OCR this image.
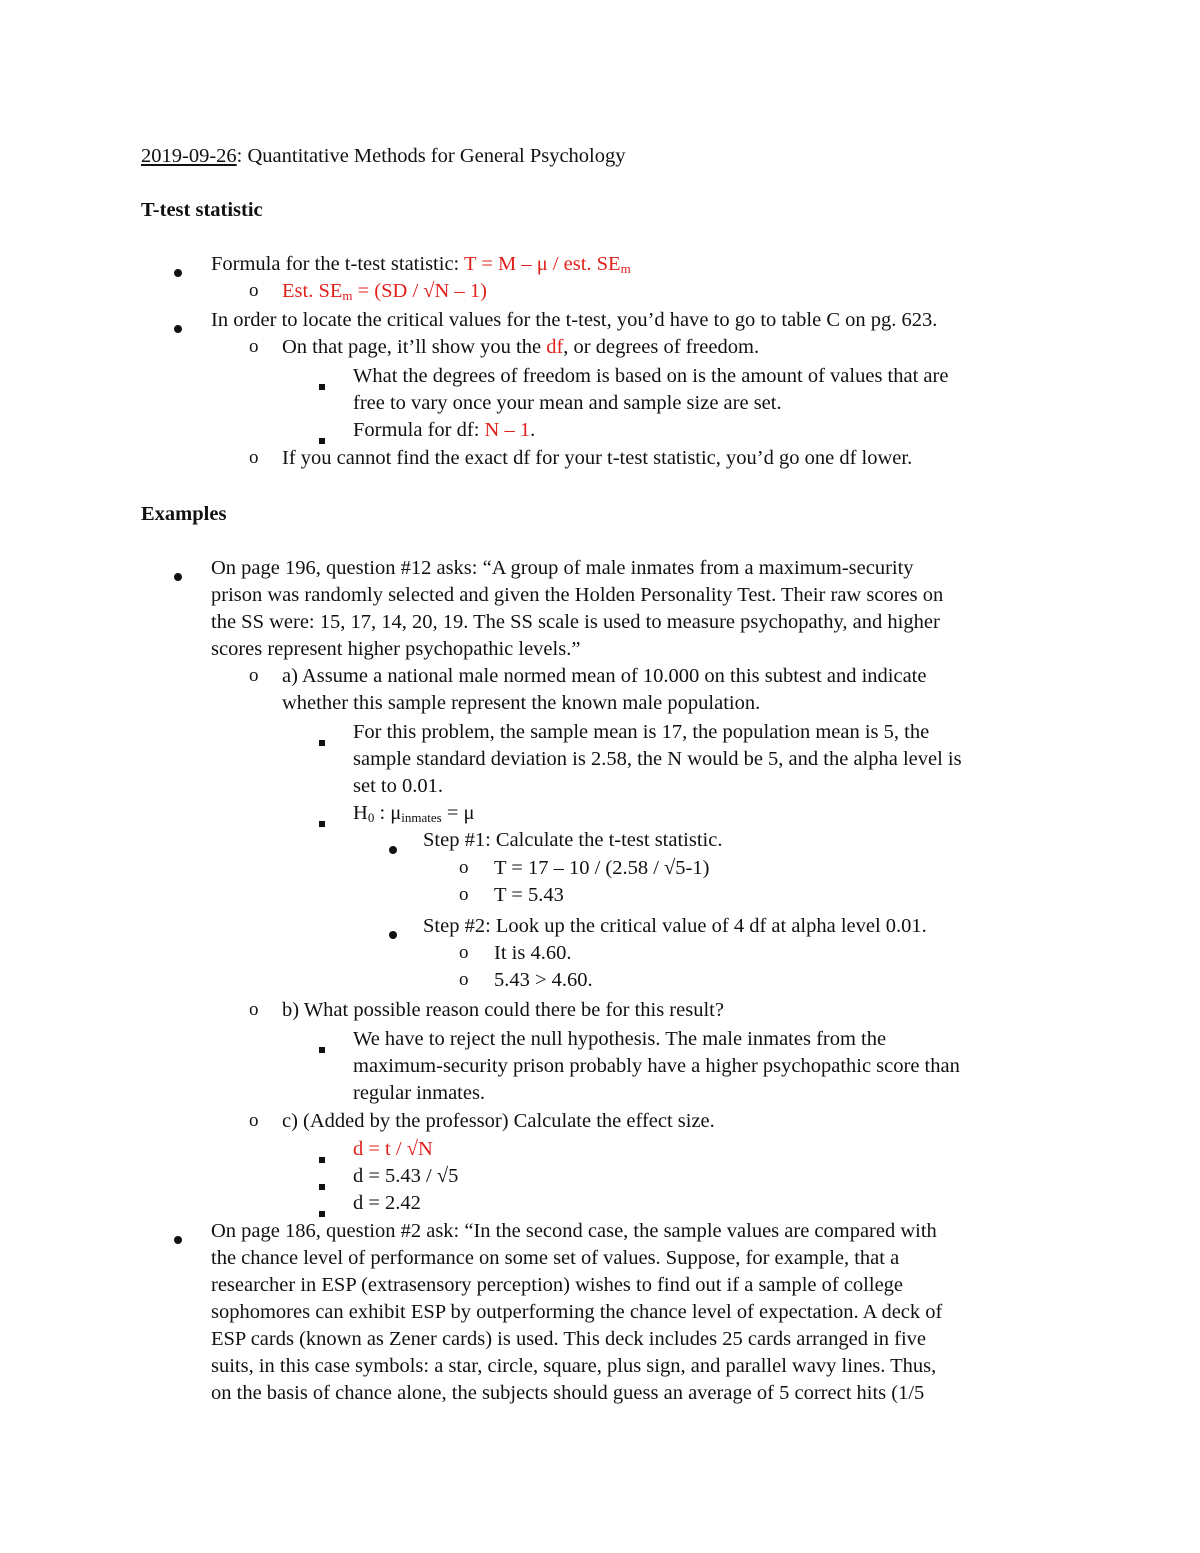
2019-09-26: Quantitative Methods for General Psychology
T-test statistic
Formula for the t-test statistic: T = M – μ / est. $SE_m$
o Est. $SE_m = (SD / √N - 1)$
In order to locate the critical values for the t-test, you’d have to go to table C on pg. 623.
o On that page, it’ll show you the df, or degrees of freedom.
What the degrees of freedom is based on is the amount of values that are
free to vary once your mean and sample size are set.
Formula for df: N – 1.
o If you cannot find the exact df for your t-test statistic, you’d go one df lower.
Examples
On page 196, question #12 asks: “A group of male inmates from a maximum-security
prison was randomly selected and given the Holden Personality Test. Their raw scores on
the SS were: 15, 17, 14, 20, 19. The SS scale is used to measure psychopathy, and higher
scores represent higher psychopathic levels.”
o a) Assume a national male normed mean of 10.000 on this subtest and indicate
whether this sample represent the known male population.
For this problem, the sample mean is 17, the population mean is 5, the
sample standard deviation is 2.58, the N would be 5, and the alpha level is
set to 0.01.
$H_0$ : $\mu_{inmates} = \mu$
Step #1: Calculate the t-test statistic.
o T = 17 – 10 / (2.58 / √5-1)
o T = 5.43
Step #2: Look up the critical value of 4 df at alpha level 0.01.
o It is 4.60.
o 5.43 > 4.60.
o b) What possible reason could there be for this result?
We have to reject the null hypothesis. The male inmates from the
maximum-security prison probably have a higher psychopathic score than
regular inmates.
o c) (Added by the professor) Calculate the effect size.
d = t / √N
d = 5.43 / √5
d = 2.42
On page 186, question #2 ask: “In the second case, the sample values are compared with
the chance level of performance on some set of values. Suppose, for example, that a
researcher in ESP (extrasensory perception) wishes to find out if a sample of college
sophomores can exhibit ESP by outperforming the chance level of expectation. A deck of
ESP cards (known as Zener cards) is used. This deck includes 25 cards arranged in five
suits, in this case symbols: a star, circle, square, plus sign, and parallel wavy lines. Thus,
on the basis of chance alone, the subjects should guess an average of 5 correct hits (1/5
